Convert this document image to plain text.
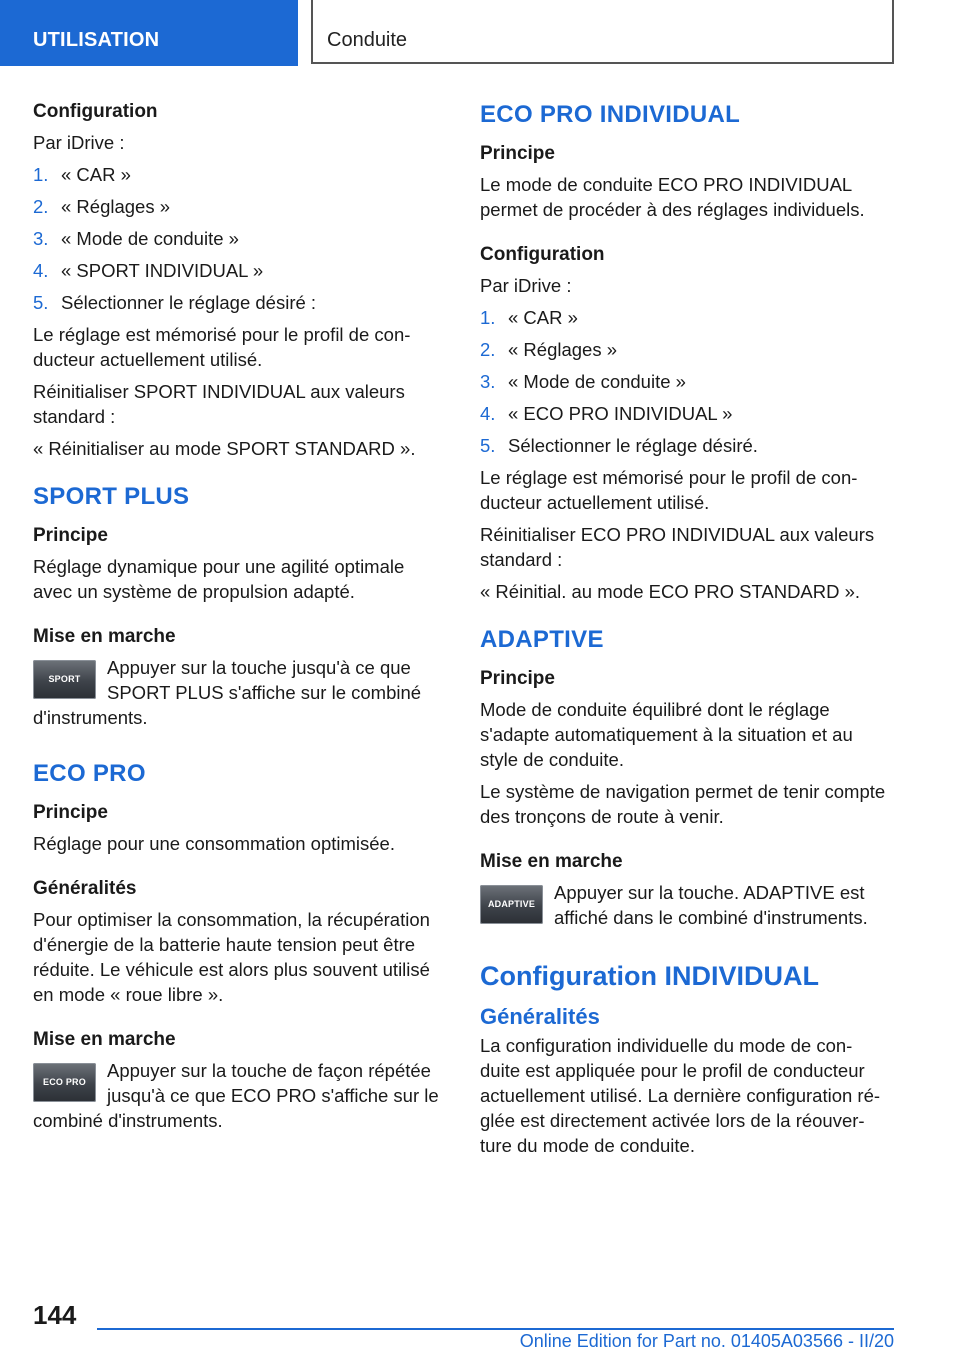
UTILISATION	Conduite
Configuration
Par iDrive :
1. « CAR »
2. « Réglages »
3. « Mode de conduite »
4. « SPORT INDIVIDUAL »
5. Sélectionner le réglage désiré :
Le réglage est mémorisé pour le profil de con‐ducteur actuellement utilisé.
Réinitialiser SPORT INDIVIDUAL aux valeurs standard :
« Réinitialiser au mode SPORT STANDARD ».
SPORT PLUS
Principe
Réglage dynamique pour une agilité optimale avec un système de propulsion adapté.
Mise en marche
SPORT
Appuyer sur la touche jusqu'à ce que SPORT PLUS s'affiche sur le combiné d'instruments.
ECO PRO
Principe
Réglage pour une consommation optimisée.
Généralités
Pour optimiser la consommation, la récupération d'énergie de la batterie haute tension peut être réduite. Le véhicule est alors plus souvent utilisé en mode « roue libre ».
Mise en marche
ECO PRO
Appuyer sur la touche de façon répétée jusqu'à ce que ECO PRO s'affiche sur le combiné d'instruments.
ECO PRO INDIVIDUAL
Principe
Le mode de conduite ECO PRO INDIVIDUAL permet de procéder à des réglages individuels.
Configuration
Par iDrive :
1. « CAR »
2. « Réglages »
3. « Mode de conduite »
4. « ECO PRO INDIVIDUAL »
5. Sélectionner le réglage désiré.
Le réglage est mémorisé pour le profil de con‐ducteur actuellement utilisé.
Réinitialiser ECO PRO INDIVIDUAL aux valeurs standard :
« Réinitial. au mode ECO PRO STANDARD ».
ADAPTIVE
Principe
Mode de conduite équilibré dont le réglage s'adapte automatiquement à la situation et au style de conduite.
Le système de navigation permet de tenir compte des tronçons de route à venir.
Mise en marche
ADAPTIVE
Appuyer sur la touche. ADAPTIVE est affiché dans le combiné d'instruments.
Configuration INDIVIDUAL
Généralités
La configuration individuelle du mode de con‐duite est appliquée pour le profil de conducteur actuellement utilisé. La dernière configuration ré‐glée est directement activée lors de la réouver‐ture du mode de conduite.
144
Online Edition for Part no. 01405A03566 - II/20
